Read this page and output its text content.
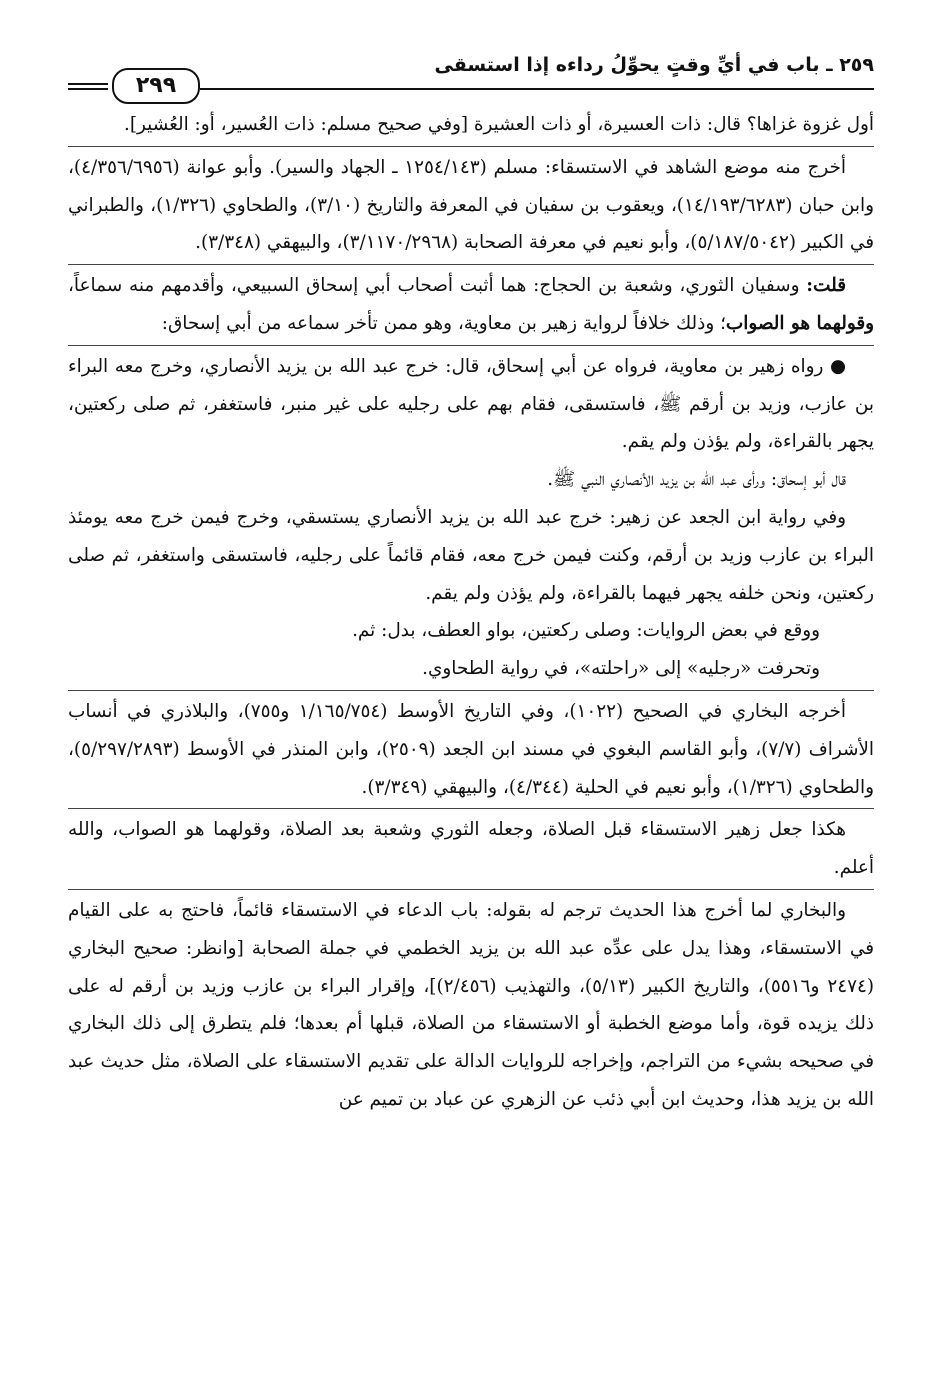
٢٥٩ ـ باب في أيِّ وقتٍ يحوِّلُ رداءه إذا استسقى
٢٩٩

أول غزوة غزاها؟ قال: ذات العسيرة، أو ذات العشيرة [وفي صحيح مسلم: ذات العُسير، أو: العُشير].

أخرج منه موضع الشاهد في الاستسقاء: مسلم (١٢٥٤/١٤٣ ـ الجهاد والسير). وأبو عوانة (٤/٣٥٦/٦٩٥٦)، وابن حبان (١٤/١٩٣/٦٢٨٣)، ويعقوب بن سفيان في المعرفة والتاريخ (٣/١٠)، والطحاوي (١/٣٢٦)، والطبراني في الكبير (٥/١٨٧/٥٠٤٢)، وأبو نعيم في معرفة الصحابة (٣/١١٧٠/٢٩٦٨)، والبيهقي (٣/٣٤٨).

قلت: وسفيان الثوري، وشعبة بن الحجاج: هما أثبت أصحاب أبي إسحاق السبيعي، وأقدمهم منه سماعاً، وقولهما هو الصواب؛ وذلك خلافاً لرواية زهير بن معاوية، وهو ممن تأخر سماعه من أبي إسحاق:

● رواه زهير بن معاوية، فرواه عن أبي إسحاق، قال: خرج عبد الله بن يزيد الأنصاري، وخرج معه البراء بن عازب، وزيد بن أرقم ﷺ، فاستسقى، فقام بهم على رجليه على غير منبر، فاستغفر، ثم صلى ركعتين، يجهر بالقراءة، ولم يؤذن ولم يقم.

قال أبو إسحاق: ورأى عبد الله بن يزيد الأنصاري النبي ﷺ.

وفي رواية ابن الجعد عن زهير: خرج عبد الله بن يزيد الأنصاري يستسقي، وخرج فيمن خرج معه يومئذ البراء بن عازب وزيد بن أرقم، وكنت فيمن خرج معه، فقام قائماً على رجليه، فاستسقى واستغفر، ثم صلى ركعتين، ونحن خلفه يجهر فيهما بالقراءة، ولم يؤذن ولم يقم.

ووقع في بعض الروايات: وصلى ركعتين، بواو العطف، بدل: ثم.

وتحرفت «رجليه» إلى «راحلته»، في رواية الطحاوي.

أخرجه البخاري في الصحيح (١٠٢٢)، وفي التاريخ الأوسط (١/١٦٥/٧٥٤ و٧٥٥)، والبلاذري في أنساب الأشراف (٧/٧)، وأبو القاسم البغوي في مسند ابن الجعد (٢٥٠٩)، وابن المنذر في الأوسط (٥/٢٩٧/٢٨٩٣)، والطحاوي (١/٣٢٦)، وأبو نعيم في الحلية (٤/٣٤٤)، والبيهقي (٣/٣٤٩).

هكذا جعل زهير الاستسقاء قبل الصلاة، وجعله الثوري وشعبة بعد الصلاة، وقولهما هو الصواب، والله أعلم.

والبخاري لما أخرج هذا الحديث ترجم له بقوله: باب الدعاء في الاستسقاء قائماً، فاحتج به على القيام في الاستسقاء، وهذا يدل على عدِّه عبد الله بن يزيد الخطمي في جملة الصحابة [وانظر: صحيح البخاري (٢٤٧٤ و٥٥١٦)، والتاريخ الكبير (٥/١٣)، والتهذيب (٢/٤٥٦)]، وإقرار البراء بن عازب وزيد بن أرقم له على ذلك يزيده قوة، وأما موضع الخطبة أو الاستسقاء من الصلاة، قبلها أم بعدها؛ فلم يتطرق إلى ذلك البخاري في صحيحه بشيء من التراجم، وإخراجه للروايات الدالة على تقديم الاستسقاء على الصلاة، مثل حديث عبد الله بن يزيد هذا، وحديث ابن أبي ذئب عن الزهري عن عباد بن تميم عن
